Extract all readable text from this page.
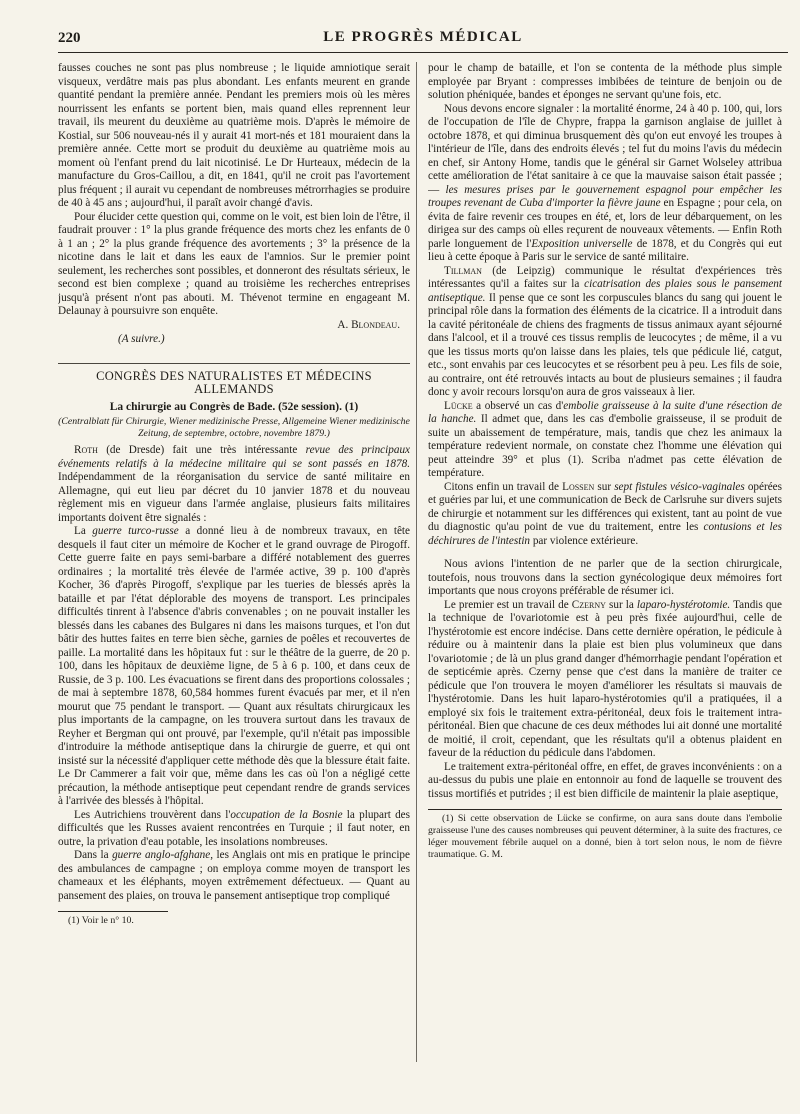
220	LE PROGRÈS MÉDICAL

fausses couches ne sont pas plus nombreuse ; le liquide amniotique serait visqueux, verdâtre mais pas plus abondant. Les enfants meurent en grande quantité pendant la première année. Pendant les premiers mois où les mères nourrissent les enfants se portent bien, mais quand elles reprennent leur travail, ils meurent du deuxième au quatrième mois. D'après le mémoire de Kostial, sur 506 nouveau-nés il y aurait 41 mort-nés et 181 mouraient dans la première année. Cette mort se produit du deuxième au quatrième mois au moment où l'enfant prend du lait nicotinisé. Le Dr Hurteaux, médecin de la manufacture du Gros-Caillou, a dit, en 1841, qu'il ne croit pas l'avortement plus fréquent ; il aurait vu cependant de nombreuses métrorrhagies se produire de 40 à 45 ans ; aujourd'hui, il paraît avoir changé d'avis.

Pour élucider cette question qui, comme on le voit, est bien loin de l'être, il faudrait prouver : 1° la plus grande fréquence des morts chez les enfants de 0 à 1 an ; 2° la plus grande fréquence des avortements ; 3° la présence de la nicotine dans le lait et dans les eaux de l'amnios. Sur le premier point seulement, les recherches sont possibles, et donneront des résultats sérieux, le second est bien complexe ; quand au troisième les recherches entreprises jusqu'à présent n'ont pas abouti. M. Thévenot termine en engageant M. Delaunay à poursuivre son enquête.

A. Blondeau.
(A suivre.)
CONGRÈS DES NATURALISTES ET MÉDECINS ALLEMANDS
La chirurgie au Congrès de Bade. (52e session). (1)
(Centralblatt für Chirurgie, Wiener medizinische Presse, Allgemeine Wiener medizinische Zeitung, de septembre, octobre, novembre 1879.)

Roth (de Dresde) fait une très intéressante revue des principaux événements relatifs à la médecine militaire qui se sont passés en 1878. Indépendamment de la réorganisation du service de santé militaire en Allemagne, qui eut lieu par décret du 10 janvier 1878 et du nouveau règlement mis en vigueur dans l'armée anglaise, plusieurs faits militaires importants doivent être signalés :

La guerre turco-russe a donné lieu à de nombreux travaux, en tête desquels il faut citer un mémoire de Kocher et le grand ouvrage de Pirogoff. Cette guerre faite en pays semi-barbare a différé notablement des guerres ordinaires ; la mortalité très élevée de l'armée active, 39 p. 100 d'après Kocher, 36 d'après Pirogoff, s'explique par les tueries de blessés après la bataille et par l'état déplorable des moyens de transport. Les principales difficultés tinrent à l'absence d'abris convenables ; on ne pouvait installer les blessés dans les cabanes des Bulgares ni dans les maisons turques, et l'on dut bâtir des huttes faites en terre bien sèche, garnies de poêles et recouvertes de paille. La mortalité dans les hôpitaux fut : sur le théâtre de la guerre, de 20 p. 100, dans les hôpitaux de deuxième ligne, de 5 à 6 p. 100, et dans ceux de Russie, de 3 p. 100. Les évacuations se firent dans des proportions colossales ; de mai à septembre 1878, 60,584 hommes furent évacués par mer, et il n'en mourut que 75 pendant le transport. — Quant aux résultats chirurgicaux les plus importants de la campagne, on les trouvera surtout dans les travaux de Reyher et Bergman qui ont prouvé, par l'exemple, qu'il n'était pas impossible d'introduire la méthode antiseptique dans la chirurgie de guerre, et qui ont insisté sur la nécessité d'appliquer cette méthode dès que la blessure était faite. Le Dr Cammerer a fait voir que, même dans les cas où l'on a négligé cette précaution, la méthode antiseptique peut cependant rendre de grands services à l'arrivée des blessés à l'hôpital.

Les Autrichiens trouvèrent dans l'occupation de la Bosnie la plupart des difficultés que les Russes avaient rencontrées en Turquie ; il faut noter, en outre, la privation d'eau potable, les insolations nombreuses.

Dans la guerre anglo-afghane, les Anglais ont mis en pratique le principe des ambulances de campagne ; on employa comme moyen de transport les chameaux et les éléphants, moyen extrêmement défectueux. — Quant au pansement des plaies, on trouva le pansement antiseptique trop compliqué

(1) Voir le n° 10.

pour le champ de bataille, et l'on se contenta de la méthode plus simple employée par Bryant : compresses imbibées de teinture de benjoin ou de solution phéniquée, bandes et éponges ne servant qu'une fois, etc.

Nous devons encore signaler : la mortalité énorme, 24 à 40 p. 100, qui, lors de l'occupation de l'île de Chypre, frappa la garnison anglaise de juillet à octobre 1878, et qui diminua brusquement dès qu'on eut envoyé les troupes à l'intérieur de l'île, dans des endroits élevés ; tel fut du moins l'avis du médecin en chef, sir Antony Home, tandis que le général sir Garnet Wolseley attribua cette amélioration de l'état sanitaire à ce que la mauvaise saison était passée ; — les mesures prises par le gouvernement espagnol pour empêcher les troupes revenant de Cuba d'importer la fièvre jaune en Espagne ; pour cela, on évita de faire revenir ces troupes en été, et, lors de leur débarquement, on les dirigea sur des camps où elles reçurent de nouveaux vêtements. — Enfin Roth parle longuement de l'Exposition universelle de 1878, et du Congrès qui eut lieu à cette époque à Paris sur le service de santé militaire.

Tillman (de Leipzig) communique le résultat d'expériences très intéressantes qu'il a faites sur la cicatrisation des plaies sous le pansement antiseptique. Il pense que ce sont les corpuscules blancs du sang qui jouent le principal rôle dans la formation des éléments de la cicatrice. Il a introduit dans la cavité péritonéale de chiens des fragments de tissus animaux ayant séjourné dans l'alcool, et il a trouvé ces tissus remplis de leucocytes ; de même, il a vu que les tissus morts qu'on laisse dans les plaies, tels que pédicule lié, catgut, etc., sont envahis par ces leucocytes et se résorbent peu à peu. Les fils de soie, au contraire, ont été retrouvés intacts au bout de plusieurs semaines ; il faudra donc y avoir recours lorsqu'on aura de gros vaisseaux à lier.

Lücke a observé un cas d'embolie graisseuse à la suite d'une résection de la hanche. Il admet que, dans les cas d'embolie graisseuse, il se produit de suite un abaissement de température, mais, tandis que chez les animaux la température redevient normale, on constate chez l'homme une élévation qui peut atteindre 39° et plus (1). Scriba n'admet pas cette élévation de température.

Citons enfin un travail de Lossen sur sept fistules vésico-vaginales opérées et guéries par lui, et une communication de Beck de Carlsruhe sur divers sujets de chirurgie et notamment sur les différences qui existent, tant au point de vue du diagnostic qu'au point de vue du traitement, entre les contusions et les déchirures de l'intestin par violence extérieure.

Nous avions l'intention de ne parler que de la section chirurgicale, toutefois, nous trouvons dans la section gynécologique deux mémoires fort importants que nous croyons préférable de résumer ici.

Le premier est un travail de Czerny sur la laparo-hystérotomie. Tandis que la technique de l'ovariotomie est à peu près fixée aujourd'hui, celle de l'hystérotomie est encore indécise. Dans cette dernière opération, le pédicule à réduire ou à maintenir dans la plaie est bien plus volumineux que dans l'ovariotomie ; de là un plus grand danger d'hémorrhagie pendant l'opération et de septicémie après. Czerny pense que c'est dans la manière de traiter ce pédicule que l'on trouvera le moyen d'améliorer les résultats si mauvais de l'hystérotomie. Dans les huit laparo-hystérotomies qu'il a pratiquées, il a employé six fois le traitement extra-péritonéal, deux fois le traitement intra-péritonéal. Bien que chacune de ces deux méthodes lui ait donné une mortalité de moitié, il croit, cependant, que les résultats qu'il a obtenus plaident en faveur de la réduction du pédicule dans l'abdomen.

Le traitement extra-péritonéal offre, en effet, de graves inconvénients : on a au-dessus du pubis une plaie en entonnoir au fond de laquelle se trouvent des tissus mortifiés et putrides ; il est bien difficile de maintenir la plaie aseptique,

(1) Si cette observation de Lücke se confirme, on aura sans doute dans l'embolie graisseuse l'une des causes nombreuses qui peuvent déterminer, à la suite des fractures, ce léger mouvement fébrile auquel on a donné, bien à tort selon nous, le nom de fièvre traumatique. G. M.
